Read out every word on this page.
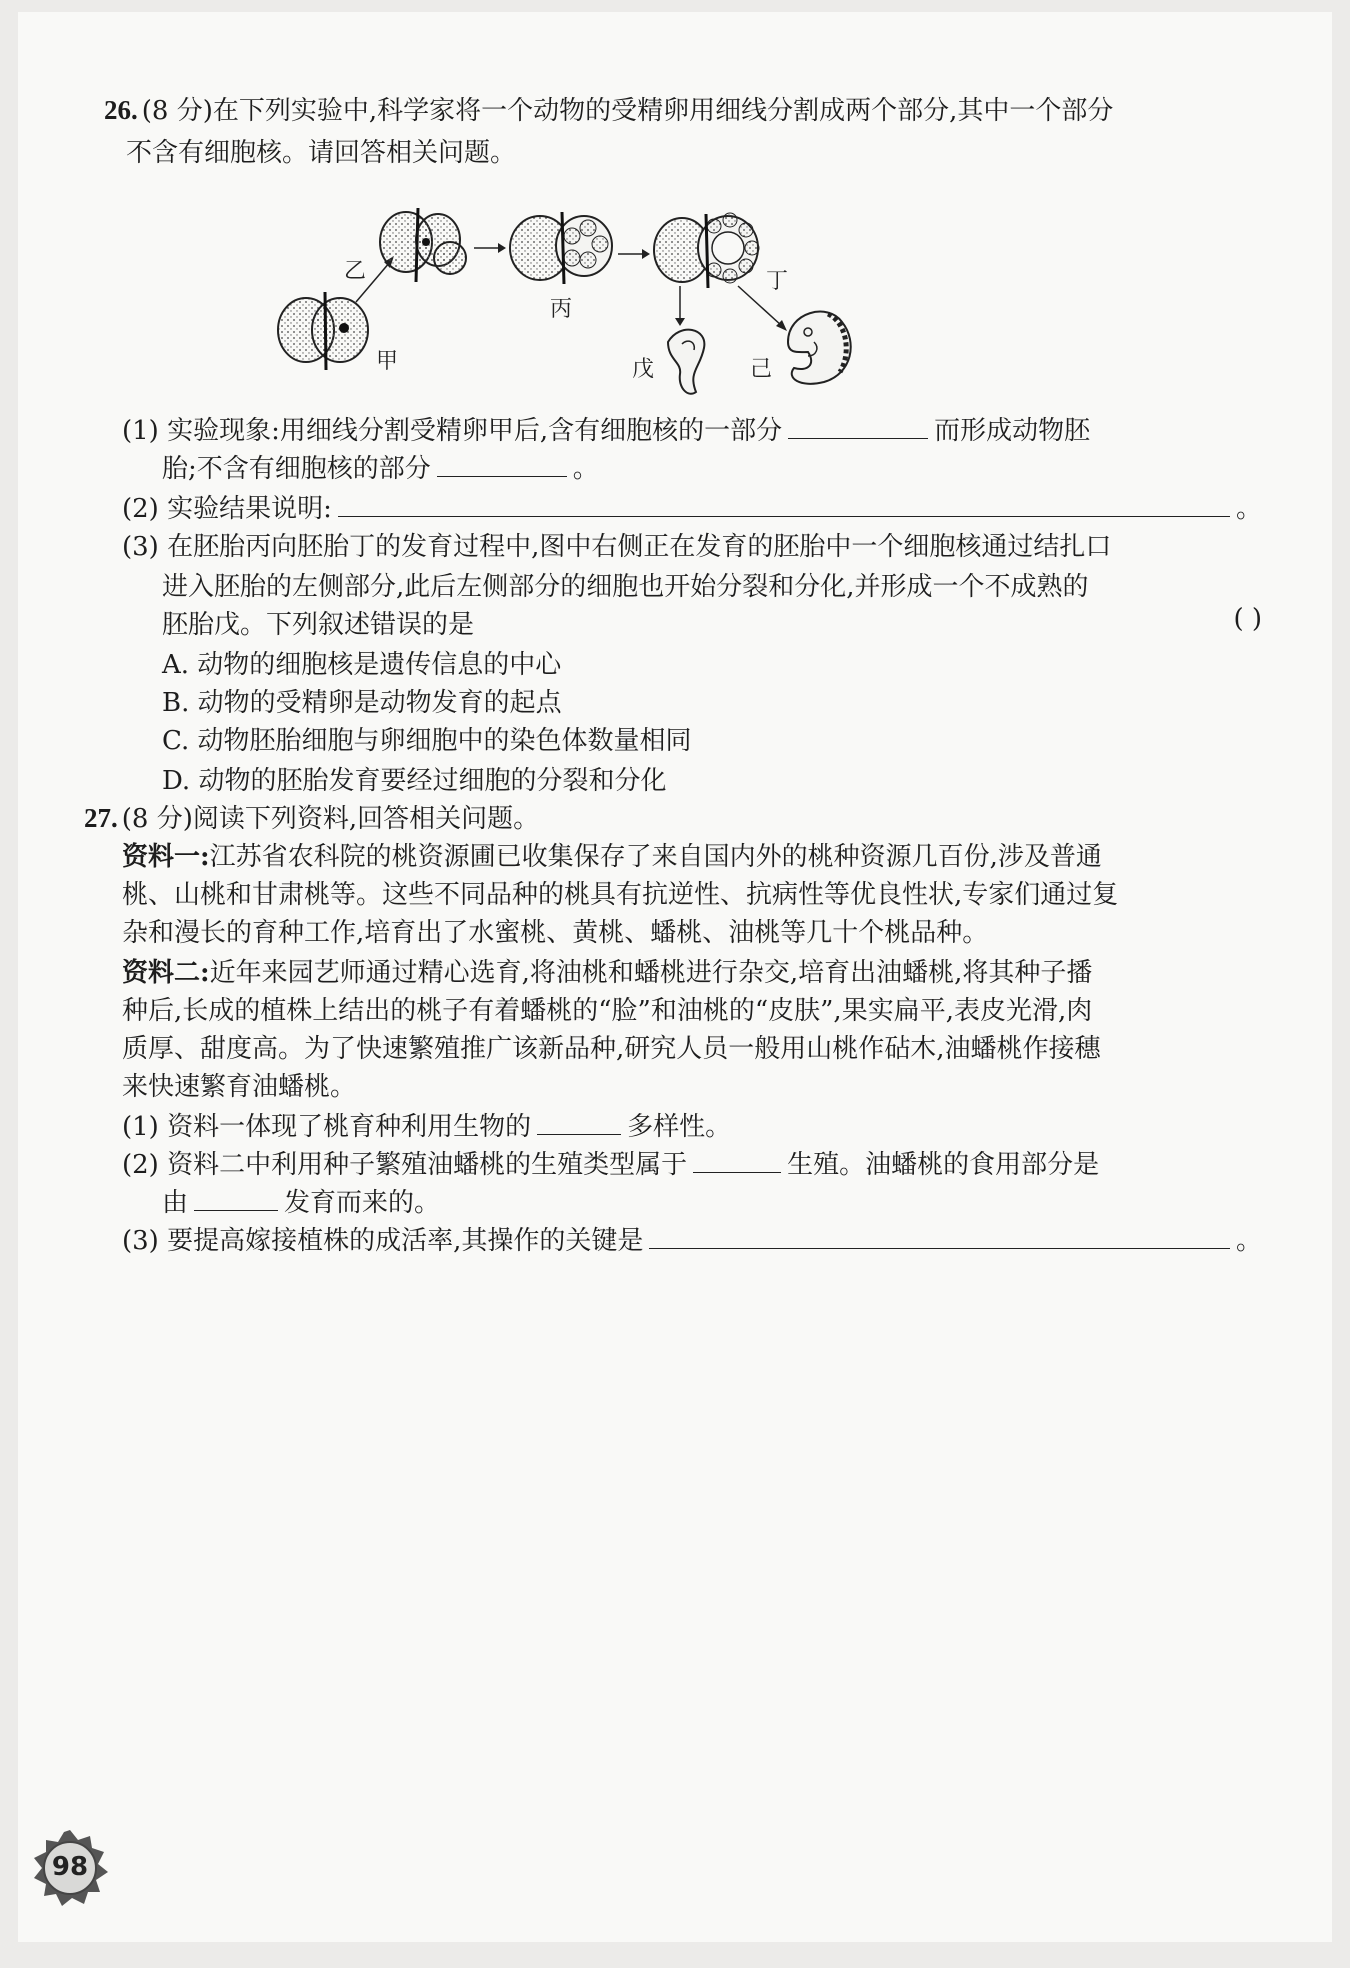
26. (8 分)在下列实验中,科学家将一个动物的受精卵用细线分割成两个部分,其中一个部分
不含有细胞核。请回答相关问题。
甲
乙
丙
丁
戊	己
(1) 实验现象:用细线分割受精卵甲后,含有细胞核的一部分	而形成动物胚
胎;不含有细胞核的部分	。
(2) 实验结果说明:	。
(3) 在胚胎丙向胚胎丁的发育过程中,图中右侧正在发育的胚胎中一个细胞核通过结扎口
进入胚胎的左侧部分,此后左侧部分的细胞也开始分裂和分化,并形成一个不成熟的
胚胎戊。下列叙述错误的是	( )
A. 动物的细胞核是遗传信息的中心
B. 动物的受精卵是动物发育的起点
C. 动物胚胎细胞与卵细胞中的染色体数量相同
D. 动物的胚胎发育要经过细胞的分裂和分化
27. (8 分)阅读下列资料,回答相关问题。
资料一:江苏省农科院的桃资源圃已收集保存了来自国内外的桃种资源几百份,涉及普通
桃、山桃和甘肃桃等。这些不同品种的桃具有抗逆性、抗病性等优良性状,专家们通过复
杂和漫长的育种工作,培育出了水蜜桃、黄桃、蟠桃、油桃等几十个桃品种。
资料二:近年来园艺师通过精心选育,将油桃和蟠桃进行杂交,培育出油蟠桃,将其种子播
种后,长成的植株上结出的桃子有着蟠桃的“脸”和油桃的“皮肤”,果实扁平,表皮光滑,肉
质厚、甜度高。为了快速繁殖推广该新品种,研究人员一般用山桃作砧木,油蟠桃作接穗
来快速繁育油蟠桃。
(1) 资料一体现了桃育种利用生物的	多样性。
(2) 资料二中利用种子繁殖油蟠桃的生殖类型属于	生殖。油蟠桃的食用部分是
由	发育而来的。
(3) 要提高嫁接植株的成活率,其操作的关键是	。
98
